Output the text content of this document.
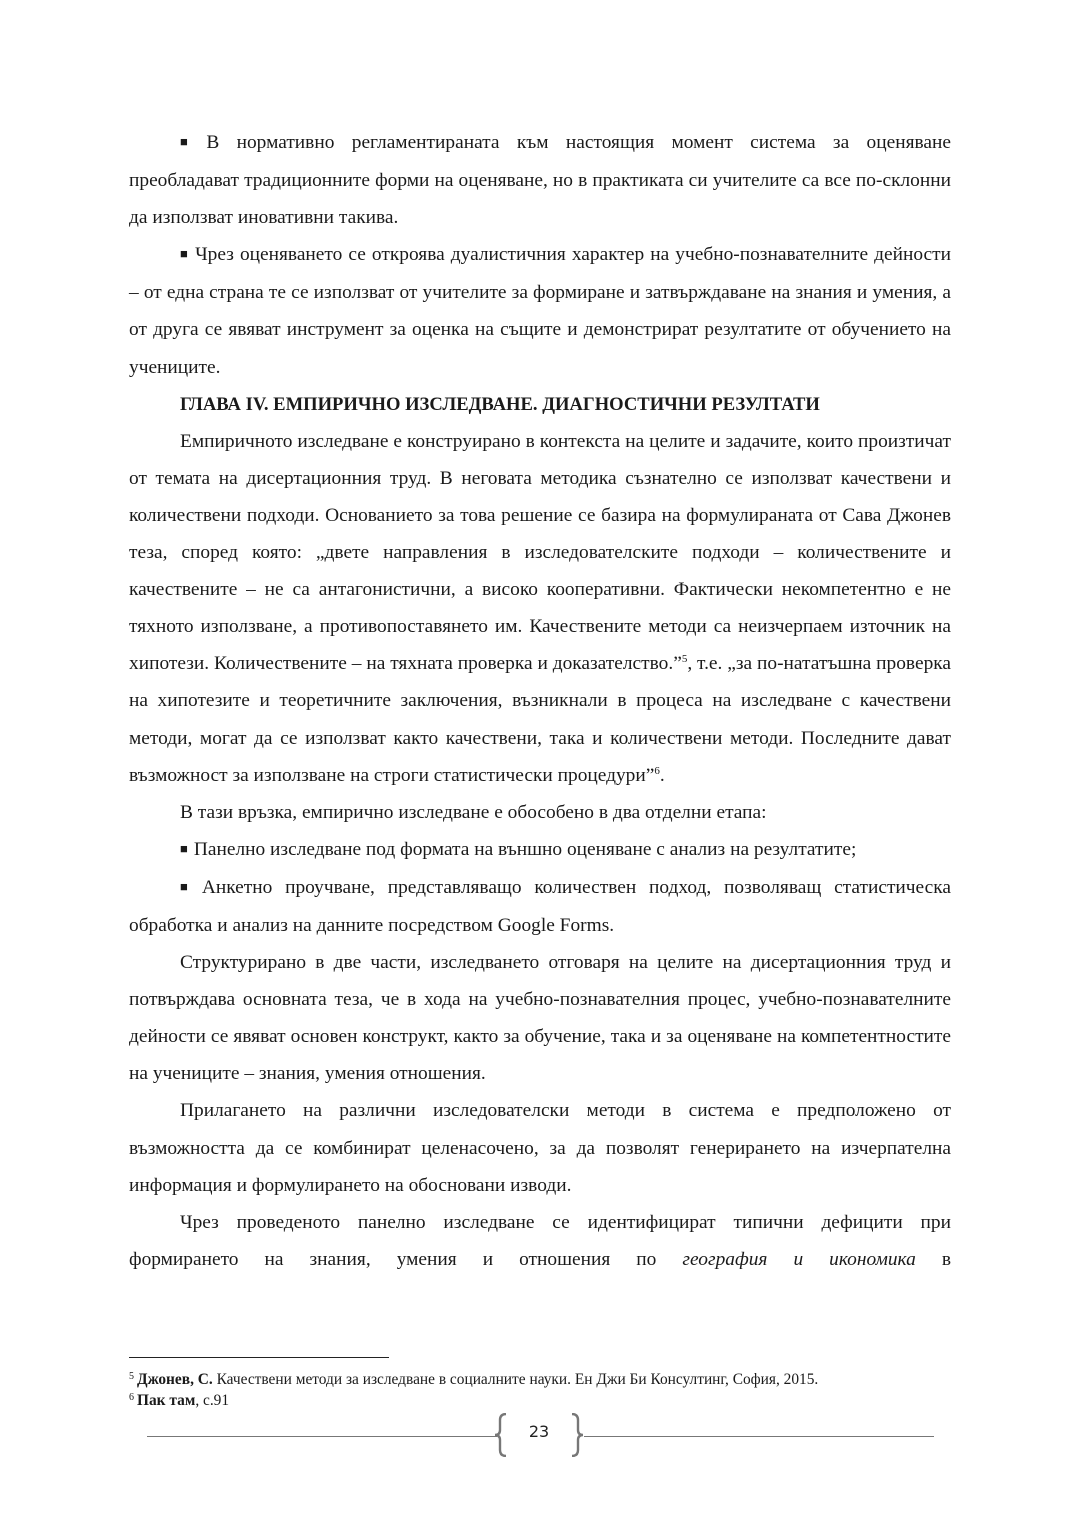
■ В нормативно регламентираната към настоящия момент система за оценяване преобладават традиционните форми на оценяване, но в практиката си учителите са все по-склонни да използват иновативни такива.

■ Чрез оценяването се откроява дуалистичния характер на учебно-познавателните дейности – от една страна те се използват от учителите за формиране и затвърждаване на знания и умения, а от друга се явяват инструмент за оценка на същите и демонстрират резултатите от обучението на учениците.

ГЛАВА IV. ЕМПИРИЧНО ИЗСЛЕДВАНЕ. ДИАГНОСТИЧНИ РЕЗУЛТАТИ

Емпиричното изследване е конструирано в контекста на целите и задачите, които произтичат от темата на дисертационния труд. В неговата методика съзнателно се използват качествени и количествени подходи. Основанието за това решение се базира на формулираната от Сава Джонев теза, според която: „двете направления в изследователските подходи – количествените и качествените – не са антагонистични, а високо кооперативни. Фактически некомпетентно е не тяхното използване, а противопоставянето им. Качествените методи са неизчерпаем източник на хипотези. Количествените – на тяхната проверка и доказателство.”$^5$, т.е. „за по-нататъшна проверка на хипотезите и теоретичните заключения, възникнали в процеса на изследване с качествени методи, могат да се използват както качествени, така и количествени методи. Последните дават възможност за използване на строги статистически процедури”$^6$.

В тази връзка, емпирично изследване е обособено в два отделни етапа:

■ Панелно изследване под формата на външно оценяване с анализ на резултатите;

■ Анкетно проучване, представляващо количествен подход, позволяващ статистическа обработка и анализ на данните посредством Google Forms.

Структурирано в две части, изследването отговаря на целите на дисертационния труд и потвърждава основната теза, че в хода на учебно-познавателния процес, учебно-познавателните дейности се явяват основен конструкт, както за обучение, така и за оценяване на компетентностите на учениците – знания, умения отношения.

Прилагането на различни изследователски методи в система е предположено от възможността да се комбинират целенасочено, за да позволят генерирането на изчерпателна информация и формулирането на обосновани изводи.

Чрез проведеното панелно изследване се идентифицират типични дефицити при формирането на знания, умения и отношения по география и икономика в

$^5$ Джонев, С. Качествени методи за изследване в социалните науки. Ен Джи Би Консултинг, София, 2015.

$^6$ Пак там, с.91

23
